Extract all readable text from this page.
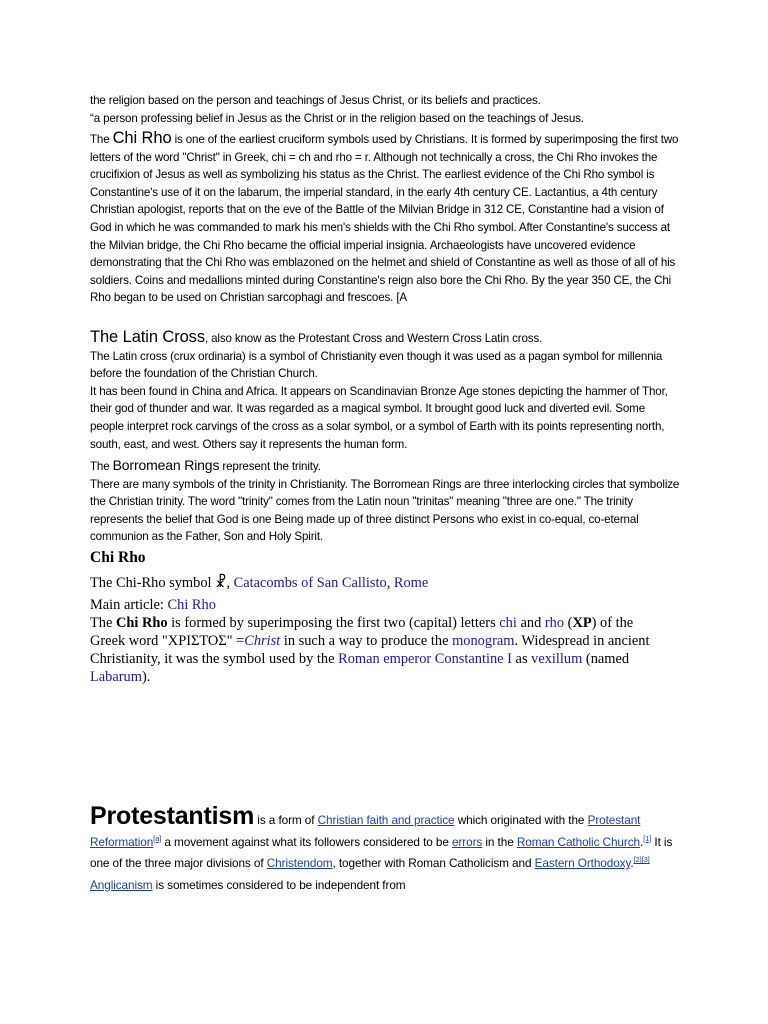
the religion based on the person and teachings of Jesus Christ, or its beliefs and practices.

“a person professing belief in Jesus as the Christ or in the religion based on the teachings of Jesus.

The Chi Rho is one of the earliest cruciform symbols used by Christians. It is formed by superimposing the first two letters of the word "Christ" in Greek, chi = ch and rho = r. Although not technically a cross, the Chi Rho invokes the crucifixion of Jesus as well as symbolizing his status as the Christ. The earliest evidence of the Chi Rho symbol is Constantine's use of it on the labarum, the imperial standard, in the early 4th century CE. Lactantius, a 4th century Christian apologist, reports that on the eve of the Battle of the Milvian Bridge in 312 CE, Constantine had a vision of God in which he was commanded to mark his men's shields with the Chi Rho symbol. After Constantine's success at the Milvian bridge, the Chi Rho became the official imperial insignia. Archaeologists have uncovered evidence demonstrating that the Chi Rho was emblazoned on the helmet and shield of Constantine as well as those of all of his soldiers. Coins and medallions minted during Constantine's reign also bore the Chi Rho. By the year 350 CE, the Chi Rho began to be used on Christian sarcophagi and frescoes. [A

The Latin Cross, also know as the Protestant Cross and Western Cross Latin cross.

The Latin cross (crux ordinaria) is a symbol of Christianity even though it was used as a pagan symbol for millennia before the foundation of the Christian Church.

It has been found in China and Africa. It appears on Scandinavian Bronze Age stones depicting the hammer of Thor, their god of thunder and war. It was regarded as a magical symbol. It brought good luck and diverted evil. Some people interpret rock carvings of the cross as a solar symbol, or a symbol of Earth with its points representing north, south, east, and west. Others say it represents the human form.

The Borromean Rings represent the trinity.

There are many symbols of the trinity in Christianity. The Borromean Rings are three interlocking circles that symbolize the Christian trinity. The word "trinity" comes from the Latin noun "trinitas" meaning "three are one." The trinity represents the belief that God is one Being made up of three distinct Persons who exist in co-equal, co-eternal communion as the Father, Son and Holy Spirit.

Chi Rho

The Chi-Rho symbol ☧, Catacombs of San Callisto, Rome

Main article: Chi Rho

The Chi Rho is formed by superimposing the first two (capital) letters chi and rho (XP) of the Greek word "ΧΡΙΣΤΟΣ" =Christ in such a way to produce the monogram. Widespread in ancient Christianity, it was the symbol used by the Roman emperor Constantine I as vexillum (named Labarum).

Protestantism is a form of Christian faith and practice which originated with the Protestant Reformation[a] a movement against what its followers considered to be errors in the Roman Catholic Church.[1] It is one of the three major divisions of Christendom, together with Roman Catholicism and Eastern Orthodoxy.[2][3] Anglicanism is sometimes considered to be independent from
